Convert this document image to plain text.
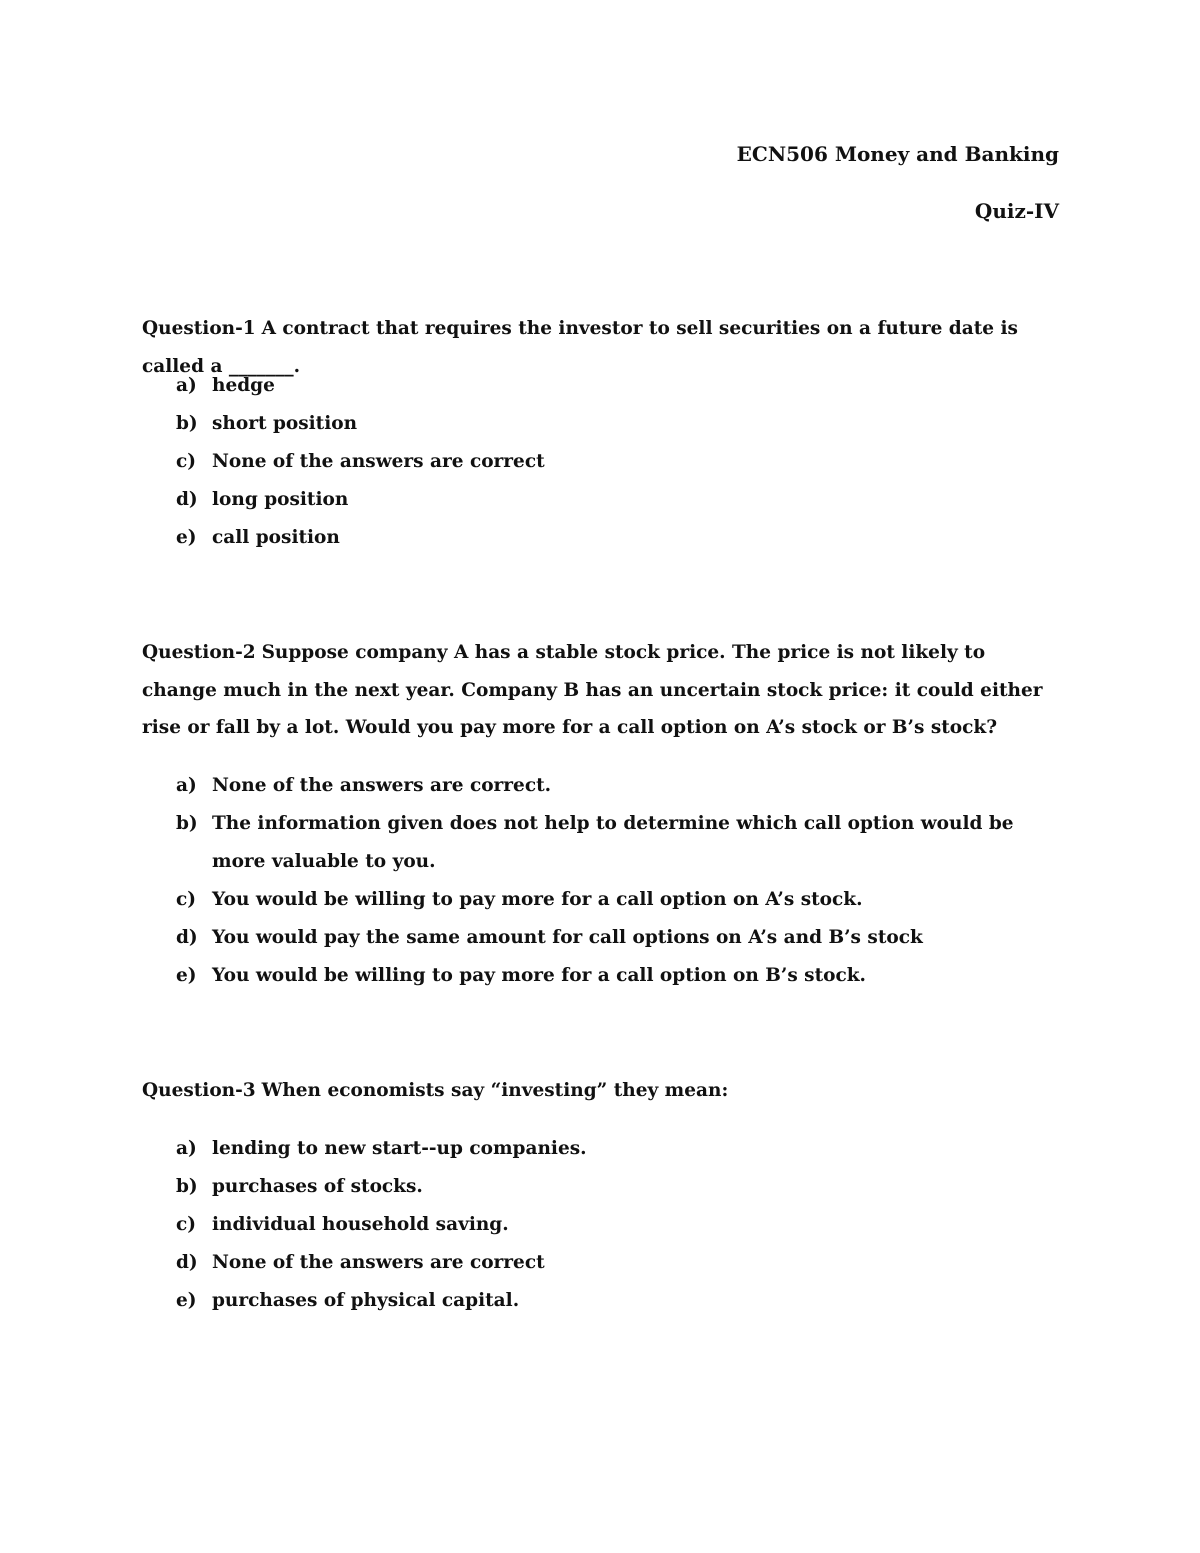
ECN506 Money and Banking
Quiz-IV
Question-1 A contract that requires the investor to sell securities on a future date is called a _______.
a) hedge
b) short position
c) None of the answers are correct
d) long position
e) call position
Question-2 Suppose company A has a stable stock price. The price is not likely to change much in the next year. Company B has an uncertain stock price: it could either rise or fall by a lot. Would you pay more for a call option on A’s stock or B’s stock?
a) None of the answers are correct.
b) The information given does not help to determine which call option would be more valuable to you.
c) You would be willing to pay more for a call option on A’s stock.
d) You would pay the same amount for call options on A’s and B’s stock
e) You would be willing to pay more for a call option on B’s stock.
Question-3 When economists say “investing” they mean:
a) lending to new start--up companies.
b) purchases of stocks.
c) individual household saving.
d) None of the answers are correct
e) purchases of physical capital.
